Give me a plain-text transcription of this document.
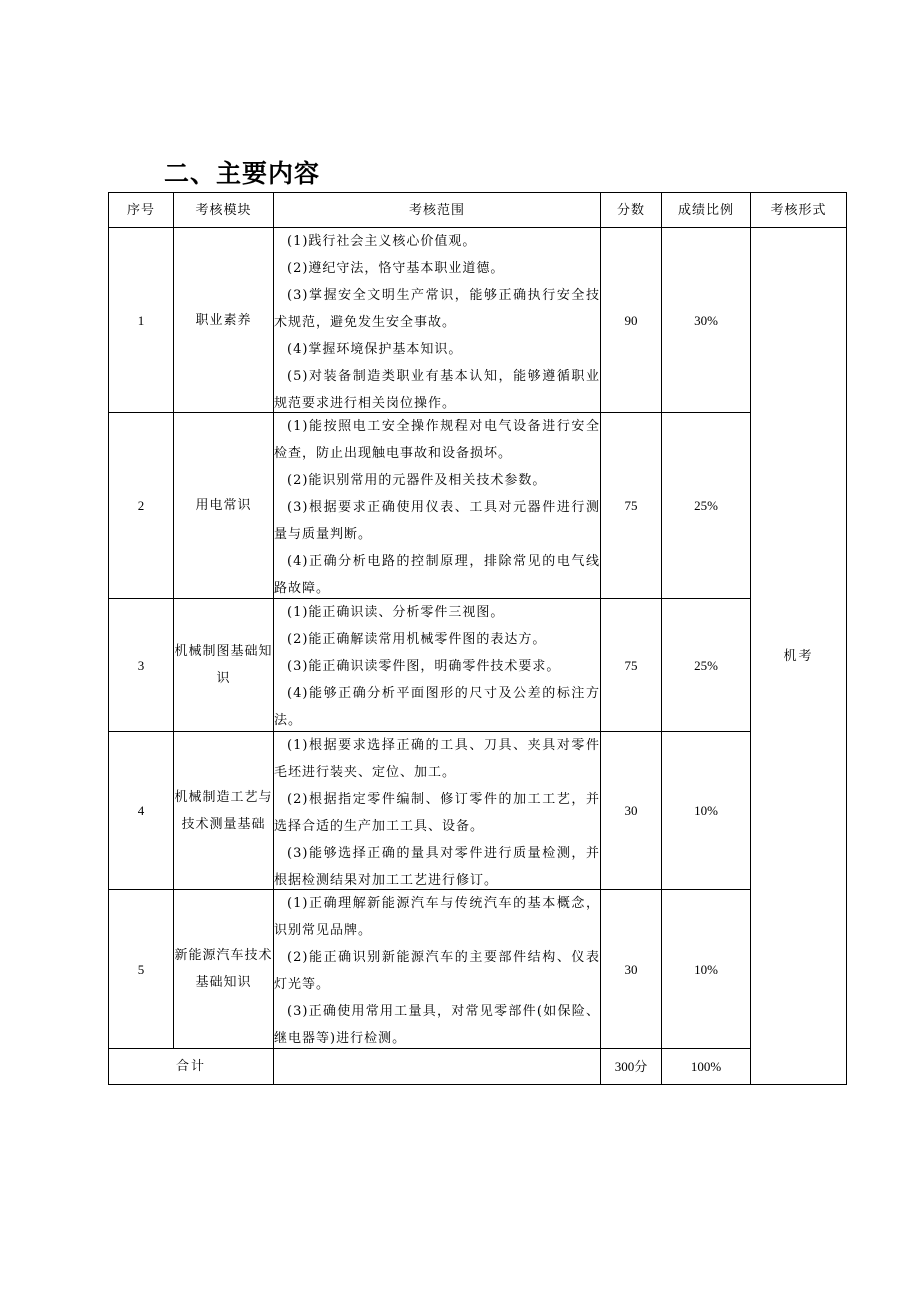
二、主要内容
序号	考核模块	考核范围	分数	成绩比例	考核形式
1	职业素养	(1)践行社会主义核心价值观。
(2)遵纪守法，恪守基本职业道德。
(3)掌握安全文明生产常识，能够正确执行安全技术规范，避免发生安全事故。
(4)掌握环境保护基本知识。
(5)对装备制造类职业有基本认知，能够遵循职业规范要求进行相关岗位操作。	90	30%	机考
2	用电常识	(1)能按照电工安全操作规程对电气设备进行安全检查，防止出现触电事故和设备损坏。
(2)能识别常用的元器件及相关技术参数。
(3)根据要求正确使用仪表、工具对元器件进行测量与质量判断。
(4)正确分析电路的控制原理，排除常见的电气线路故障。	75	25%	
3	机械制图基础知识	(1)能正确识读、分析零件三视图。
(2)能正确解读常用机械零件图的表达方。
(3)能正确识读零件图，明确零件技术要求。
(4)能够正确分析平面图形的尺寸及公差的标注方法。	75	25%	
4	机械制造工艺与技术测量基础	(1)根据要求选择正确的工具、刀具、夹具对零件毛坯进行装夹、定位、加工。
(2)根据指定零件编制、修订零件的加工工艺，并选择合适的生产加工工具、设备。
(3)能够选择正确的量具对零件进行质量检测，并根据检测结果对加工工艺进行修订。	30	10%	
5	新能源汽车技术基础知识	(1)正确理解新能源汽车与传统汽车的基本概念，识别常见品牌。
(2)能正确识别新能源汽车的主要部件结构、仪表灯光等。
(3)正确使用常用工量具，对常见零部件(如保险、继电器等)进行检测。	30	10%	
合计			300分	100%	
